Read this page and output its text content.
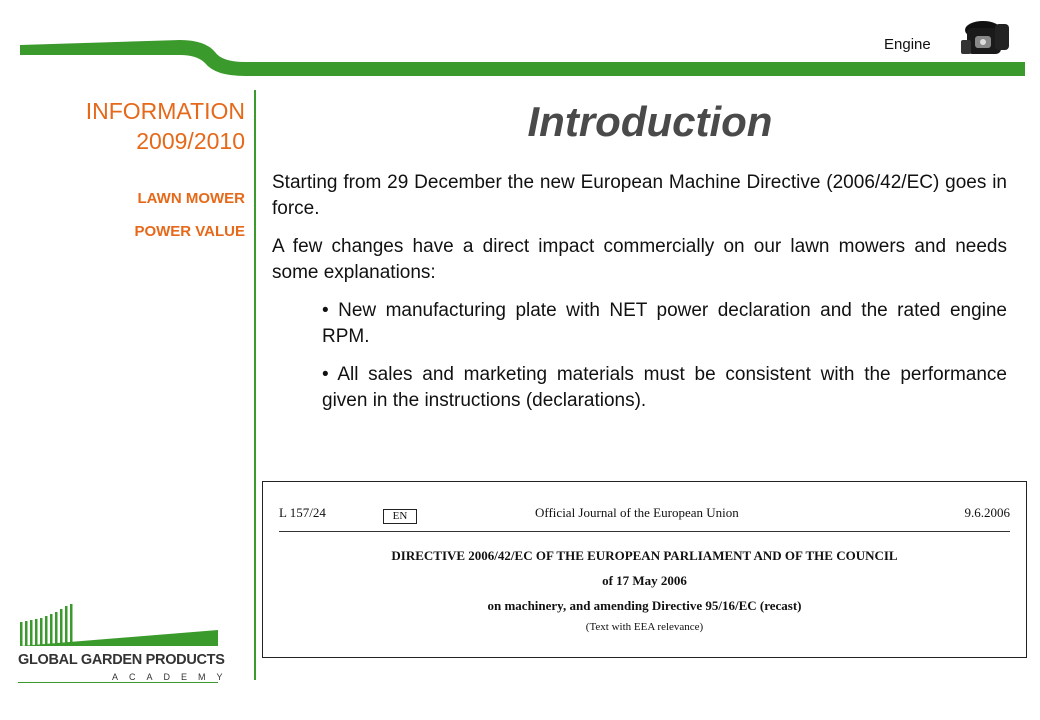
Engine
INFORMATION
2009/2010
LAWN MOWER
POWER VALUE
Introduction

Starting from 29 December the new European Machine Directive (2006/42/EC) goes in force.

A few changes have a direct impact commercially on our lawn mowers and needs some explanations:

• New manufacturing plate with NET power declaration and the rated engine RPM.

• All sales and marketing materials must be consistent with the performance given in the instructions (declarations).

L 157/24	EN	Official Journal of the European Union	9.6.2006
DIRECTIVE 2006/42/EC OF THE EUROPEAN PARLIAMENT AND OF THE COUNCIL
of 17 May 2006
on machinery, and amending Directive 95/16/EC (recast)
(Text with EEA relevance)
GLOBAL GARDEN PRODUCTS
ACADEMY
